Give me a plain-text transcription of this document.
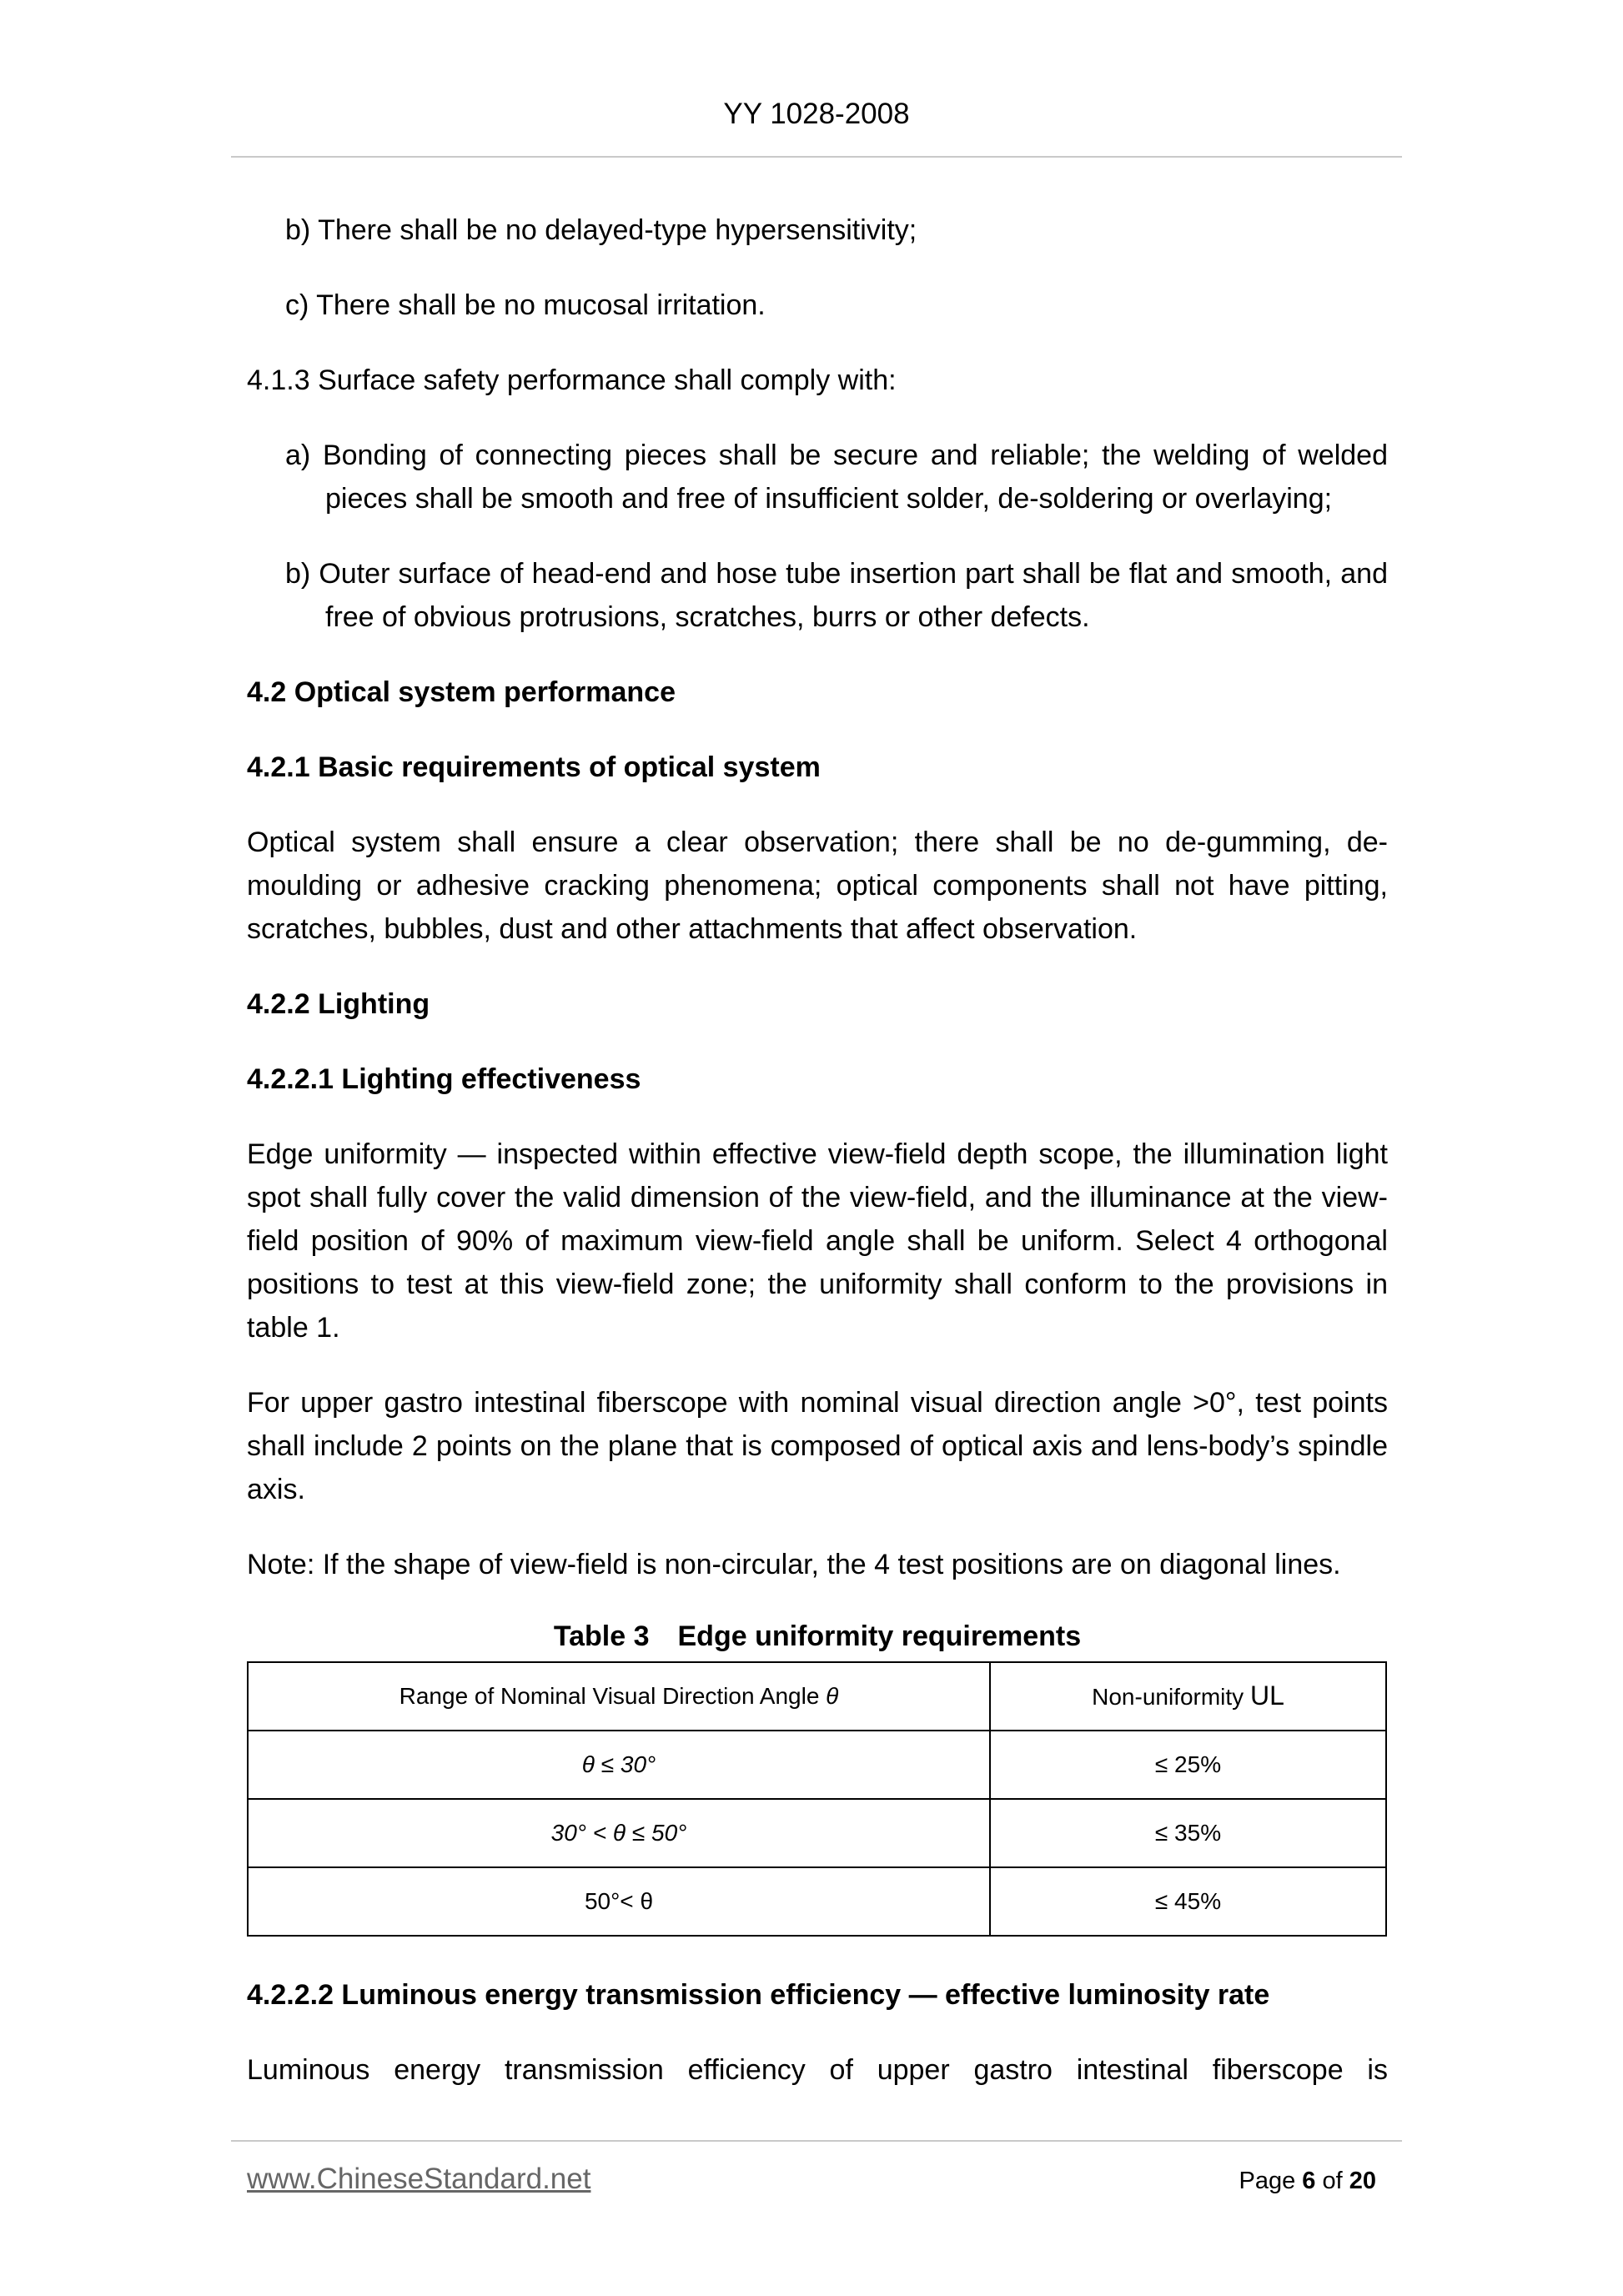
YY 1028-2008

b) There shall be no delayed-type hypersensitivity;

c) There shall be no mucosal irritation.

4.1.3 Surface safety performance shall comply with:

a) Bonding of connecting pieces shall be secure and reliable; the welding of welded pieces shall be smooth and free of insufficient solder, de-soldering or overlaying;

b) Outer surface of head-end and hose tube insertion part shall be flat and smooth, and free of obvious protrusions, scratches, burrs or other defects.

4.2 Optical system performance

4.2.1 Basic requirements of optical system

Optical system shall ensure a clear observation; there shall be no de-gumming, de-moulding or adhesive cracking phenomena; optical components shall not have pitting, scratches, bubbles, dust and other attachments that affect observation.

4.2.2 Lighting

4.2.2.1 Lighting effectiveness

Edge uniformity — inspected within effective view-field depth scope, the illumination light spot shall fully cover the valid dimension of the view-field, and the illuminance at the view-field position of 90% of maximum view-field angle shall be uniform. Select 4 orthogonal positions to test at this view-field zone; the uniformity shall conform to the provisions in table 1.

For upper gastro intestinal fiberscope with nominal visual direction angle >0°, test points shall include 2 points on the plane that is composed of optical axis and lens-body’s spindle axis.

Note: If the shape of view-field is non-circular, the 4 test positions are on diagonal lines.

Table 3 Edge uniformity requirements

Range of Nominal Visual Direction Angle θ	Non-uniformity UL
θ ≤ 30°	≤ 25%
30° < θ ≤ 50°	≤ 35%
50°< θ	≤ 45%

4.2.2.2 Luminous energy transmission efficiency — effective luminosity rate

Luminous energy transmission efficiency of upper gastro intestinal fiberscope is

www.ChineseStandard.net	Page 6 of 20
